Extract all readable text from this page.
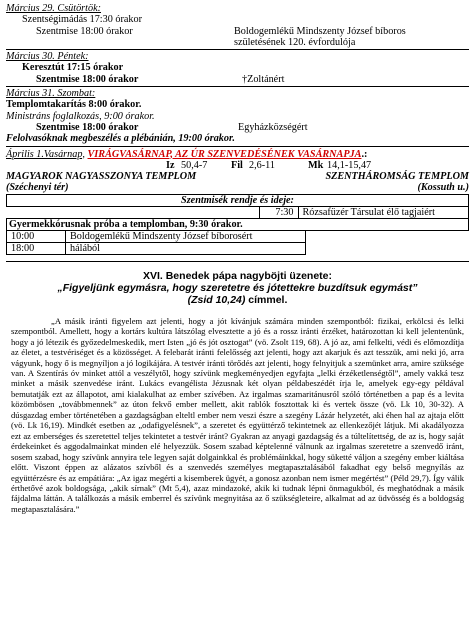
Március 29. Csütörtök:
Szentségimádás 17:30 órakor
Szentmise 18:00 órakor	Boldogemlékű Mindszenty József bíboros
születésének 120. évfordulója
Március 30. Péntek:
Keresztút 17:15 órakor
Szentmise 18:00 órakor	†Zoltánért
Március 31. Szombat:
Templomtakarítás 8:00 órakor.
Ministráns foglalkozás, 9:00 órakor.
Szentmise 18:00 órakor	Egyházközségért
Felolvasóknak megbeszélés a plébánián, 19:00 órakor.
Április 1.Vasárnap, VIRÁGVASÁRNAP, AZ ÚR SZENVEDÉSÉNEK VASÁRNAPJA.:
Iz 50,4-7 Fil 2,6-11	Mk 14,1-15,47
MAGYAROK NAGYASSZONYA TEMPLOM	SZENTHÁROMSÁG TEMPLOM
(Széchenyi tér)	(Kossuth u.)
Szentmisék rendje és ideje:
	7:30	Rózsafüzér Társulat élő tagjaiért
Gyermekkórusnak próba a templomban, 9:30 órakor.
10:00	Boldogemlékű Mindszenty József bíborosért
18:00	hálából
XVI. Benedek pápa nagyböjti üzenete:
„Figyeljünk egymásra, hogy szeretetre és jótettekre buzdítsuk egymást”
(Zsid 10,24) címmel.

„A másik iránti figyelem azt jelenti, hogy a jót kívánjuk számára minden szempontból: fizikai, erkölcsi és lelki szempontból. Amellett, hogy a kortárs kultúra látszólag elvesztette a jó és a rossz iránti érzéket, határozottan ki kell jelentenünk, hogy a jó létezik és győzedelmeskedik, mert Isten „jó és jót osztogat” (vö. Zsolt 119, 68). A jó az, ami felkelti, védi és előmozdítja az életet, a testvériséget és a közösséget. A felebarát iránti felelősség azt jelenti, hogy azt akarjuk és azt tesszük, ami neki jó, arra vágyunk, hogy ő is megnyíljon a jó logikájára. A testvér iránti törődés azt jelenti, hogy felnyitjuk a szemünket arra, amire szüksége van. A Szentírás óv minket attól a veszélytől, hogy szívünk megkeményedjen egyfajta „lelki érzéketlenségtől”, amely vakká tesz minket a másik szenvedése iránt. Lukács evangélista Jézusnak két olyan példabeszédét írja le, amelyek egy-egy példával bemutatják ezt az állapotot, ami kialakulhat az ember szívében. Az irgalmas szamaritánusról szóló történetben a pap és a levita közömbösen „továbbmennek” az úton fekvő ember mellett, akit rablók fosztottak ki és vertek össze (vö. Lk 10, 30-32). A dúsgazdag ember történetében a gazdagságban elteltl ember nem veszi észre a szegény Lázár helyzetét, aki éhen hal az ajtaja előtt (vö. Lk 16,19). Mindkét esetben az „odafigyelésnek”, a szeretet és együttérző tekintetnek az ellenkezőjét látjuk. Mi akadályozza ezt az emberséges és szeretettel teljes tekintetet a testvér iránt? Gyakran az anyagi gazdagság és a túltelítettség, de az is, hogy saját érdekeinket és aggodalmainkat minden elé helyezzük. Sosem szabad képtelenné válnunk az irgalmas szeretetre a szenvedő iránt, sosem szabad, hogy szívünk annyira tele legyen saját dolgainkkal és problémáinkkal, hogy süketté váljon a szegény ember kiáltása előtt. Viszont éppen az alázatos szívből és a szenvedés személyes megtapasztalásából fakadhat egy belső megnyílás az együttérzésre és az empátiára: „Az igaz megérti a kisemberek ügyét, a gonosz azonban nem ismer megértést” (Péld 29,7). Így válik érthetővé azok boldogsága, „akik sírnak” (Mt 5,4), azaz mindazoké, akik ki tudnak lépni önmagukból, és meghatódnak a másik fájdalma láttán. A találkozás a másik emberrel és szívünk megnyitása az ő szükségleteire, alkalmat ad az üdvösség és a boldogság megtapasztalására.”
